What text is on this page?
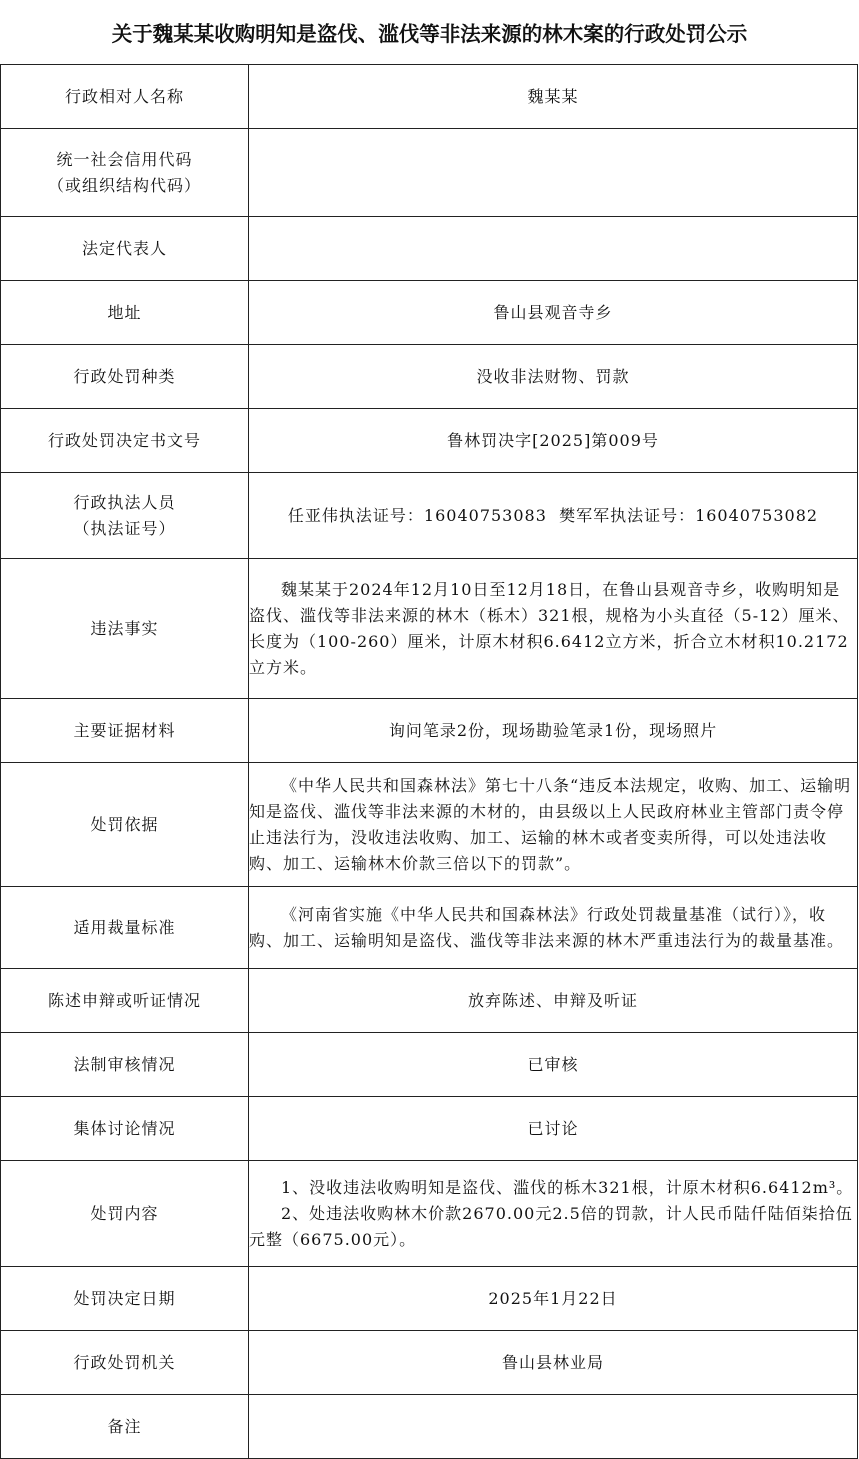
关于魏某某收购明知是盗伐、滥伐等非法来源的林木案的行政处罚公示
行政相对人名称	魏某某

统一社会信用代码
（或组织结构代码）	

法定代表人	
地址	鲁山县观音寺乡
行政处罚种类	没收非法财物、罚款
行政处罚决定书文号	鲁林罚决字[2025]第009号

行政执法人员
（执法证号）	任亚伟执法证号：16040753083  樊军军执法证号：16040753082
违法事实	魏某某于2024年12月10日至12月18日，在鲁山县观音寺乡，收购明知是盗伐、滥伐等非法来源的林木（栎木）321根，规格为小头直径（5-12）厘米、长度为（100-260）厘米，计原木材积6.6412立方米，折合立木材积10.2172立方米。

主要证据材料	询问笔录2份，现场勘验笔录1份，现场照片
处罚依据	《中华人民共和国森林法》第七十八条“违反本法规定，收购、加工、运输明知是盗伐、滥伐等非法来源的木材的，由县级以上人民政府林业主管部门责令停止违法行为，没收违法收购、加工、运输的林木或者变卖所得，可以处违法收购、加工、运输林木价款三倍以下的罚款”。

适用裁量标准	《河南省实施《中华人民共和国森林法》行政处罚裁量基准（试行）》，收购、加工、运输明知是盗伐、滥伐等非法来源的林木严重违法行为的裁量基准。

陈述申辩或听证情况	放弃陈述、申辩及听证
法制审核情况	已审核
集体讨论情况	已讨论
处罚内容	1、没收违法收购明知是盗伐、滥伐的栎木321根，计原木材积6.6412m³。
2、处违法收购林木价款2670.00元2.5倍的罚款，计人民币陆仟陆佰柒拾伍元整（6675.00元）。

处罚决定日期	2025年1月22日
行政处罚机关	鲁山县林业局
备注	
